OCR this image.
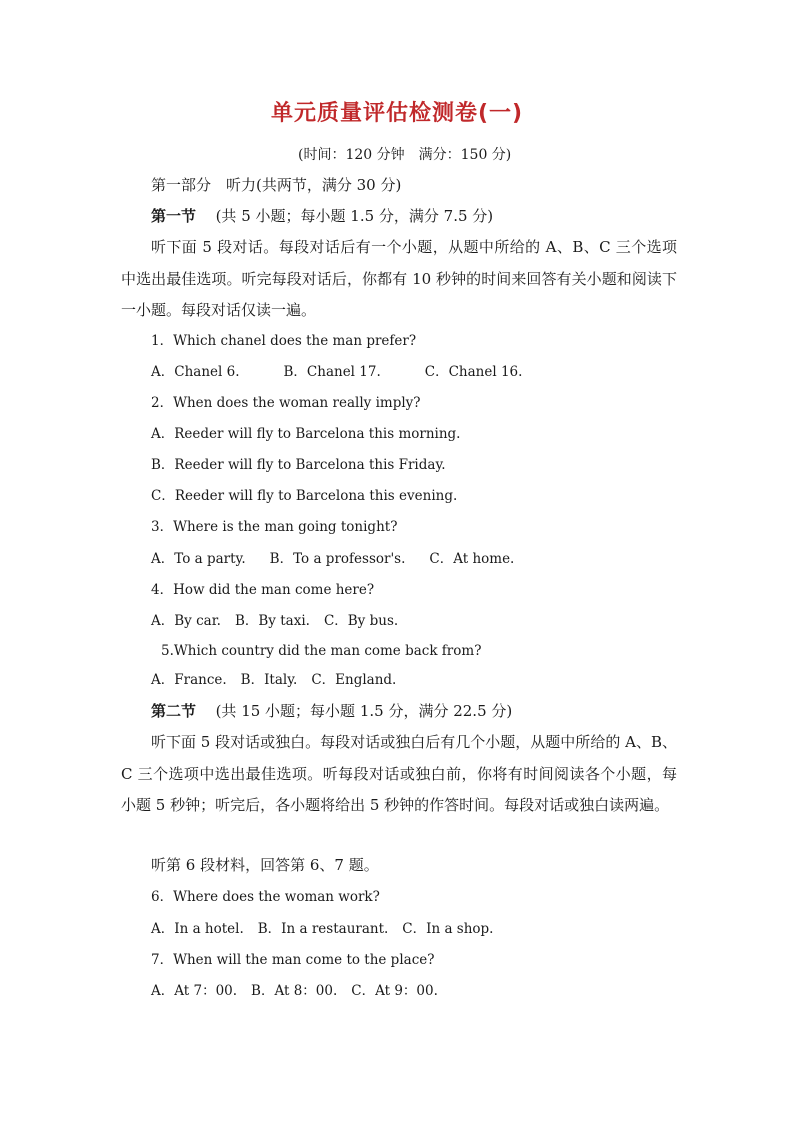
单元质量评估检测卷(一)
(时间：120 分钟　满分：150 分)
第一部分　听力(共两节，满分 30 分)
第一节 (共 5 小题；每小题 1.5 分，满分 7.5 分)
听下面 5 段对话。每段对话后有一个小题，从题中所给的 A、B、C 三个选项中选出最佳选项。听完每段对话后，你都有 10 秒钟的时间来回答有关小题和阅读下一小题。每段对话仅读一遍。
1．Which chanel does the man prefer?
A．Chanel 6.	B．Chanel 17.	C．Chanel 16.
2．When does the woman really imply?
A．Reeder will fly to Barcelona this morning.
B．Reeder will fly to Barcelona this Friday.
C．Reeder will fly to Barcelona this evening.
3．Where is the man going tonight?
A．To a party. B．To a professor's. C．At home.
4．How did the man come here?
A．By car. B．By taxi. C．By bus.
5.Which country did the man come back from?
A．France. B．Italy. C．England.
第二节 (共 15 小题；每小题 1.5 分，满分 22.5 分)
听下面 5 段对话或独白。每段对话或独白后有几个小题，从题中所给的 A、B、C 三个选项中选出最佳选项。听每段对话或独白前，你将有时间阅读各个小题，每小题 5 秒钟；听完后，各小题将给出 5 秒钟的作答时间。每段对话或独白读两遍。
听第 6 段材料，回答第 6、7 题。
6．Where does the woman work?
A．In a hotel. B．In a restaurant. C．In a shop.
7．When will the man come to the place?
A．At 7：00. B．At 8：00. C．At 9：00.
